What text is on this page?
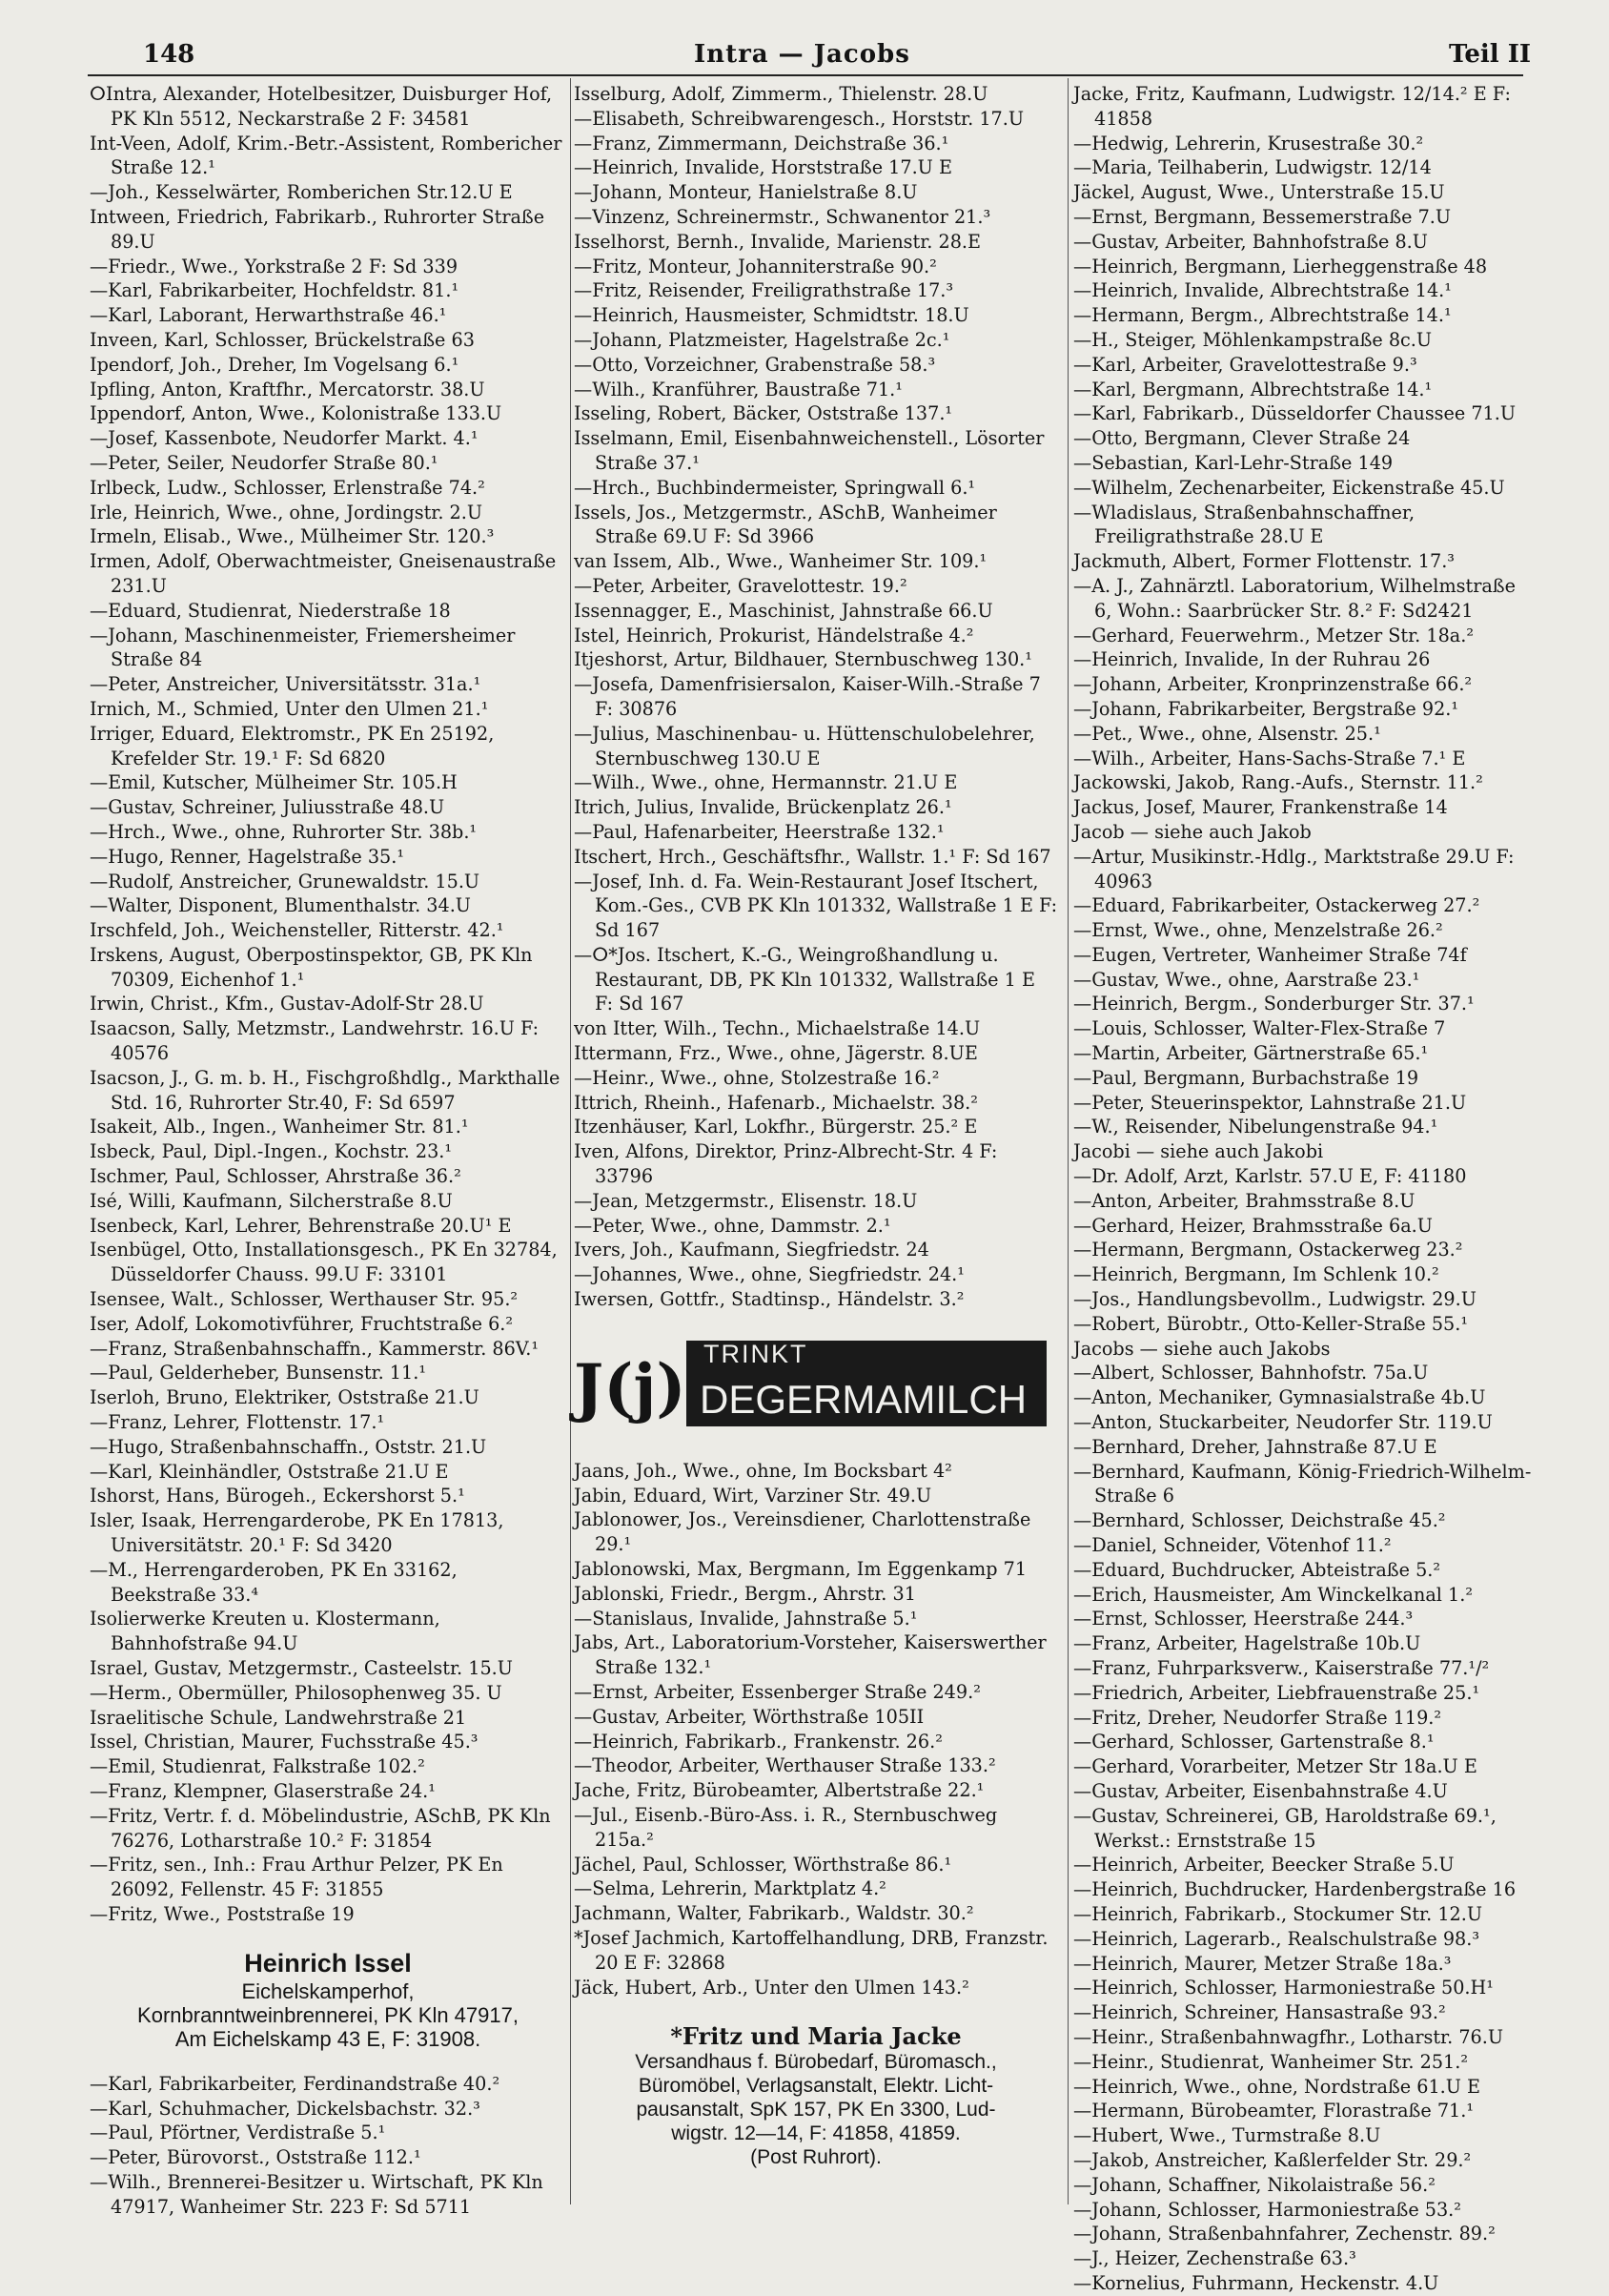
148	Intra — Jacobs	Teil II
ⵔIntra, Alexander, Hotelbesitzer, Duisburger Hof, PK Kln 5512, Neckarstraße 2 F: 34581
Int-Veen, Adolf, Krim.-Betr.-Assistent, Rombericher Straße 12.¹
—Joh., Kesselwärter, Romberichen Str.12.U E
Intween, Friedrich, Fabrikarb., Ruhrorter Straße 89.U
—Friedr., Wwe., Yorkstraße 2 F: Sd 339
—Karl, Fabrikarbeiter, Hochfeldstr. 81.¹
—Karl, Laborant, Herwarthstraße 46.¹
Inveen, Karl, Schlosser, Brückelstraße 63
Ipendorf, Joh., Dreher, Im Vogelsang 6.¹
Ipfling, Anton, Kraftfhr., Mercatorstr. 38.U
Ippendorf, Anton, Wwe., Kolonistraße 133.U
—Josef, Kassenbote, Neudorfer Markt. 4.¹
—Peter, Seiler, Neudorfer Straße 80.¹
Irlbeck, Ludw., Schlosser, Erlenstraße 74.²
Irle, Heinrich, Wwe., ohne, Jordingstr. 2.U
Irmeln, Elisab., Wwe., Mülheimer Str. 120.³
Irmen, Adolf, Oberwachtmeister, Gneisenaustraße 231.U
—Eduard, Studienrat, Niederstraße 18
—Johann, Maschinenmeister, Friemersheimer Straße 84
—Peter, Anstreicher, Universitätsstr. 31a.¹
Irnich, M., Schmied, Unter den Ulmen 21.¹
Irriger, Eduard, Elektromstr., PK En 25192, Krefelder Str. 19.¹ F: Sd 6820
—Emil, Kutscher, Mülheimer Str. 105.H
—Gustav, Schreiner, Juliusstraße 48.U
—Hrch., Wwe., ohne, Ruhrorter Str. 38b.¹
—Hugo, Renner, Hagelstraße 35.¹
—Rudolf, Anstreicher, Grunewaldstr. 15.U
—Walter, Disponent, Blumenthalstr. 34.U
Irschfeld, Joh., Weichensteller, Ritterstr. 42.¹
Irskens, August, Oberpostinspektor, GB, PK Kln 70309, Eichenhof 1.¹
Irwin, Christ., Kfm., Gustav-Adolf-Str 28.U
Isaacson, Sally, Metzmstr., Landwehrstr. 16.U F: 40576
Isacson, J., G. m. b. H., Fischgroßhdlg., Markthalle Std. 16, Ruhrorter Str.40, F: Sd 6597
Isakeit, Alb., Ingen., Wanheimer Str. 81.¹
Isbeck, Paul, Dipl.-Ingen., Kochstr. 23.¹
Ischmer, Paul, Schlosser, Ahrstraße 36.²
Isé, Willi, Kaufmann, Silcherstraße 8.U
Isenbeck, Karl, Lehrer, Behrenstraße 20.U¹ E
Isenbügel, Otto, Installationsgesch., PK En 32784, Düsseldorfer Chauss. 99.U F: 33101
Isensee, Walt., Schlosser, Werthauser Str. 95.²
Iser, Adolf, Lokomotivführer, Fruchtstraße 6.²
—Franz, Straßenbahnschaffn., Kammerstr. 86V.¹
—Paul, Gelderheber, Bunsenstr. 11.¹
Iserloh, Bruno, Elektriker, Oststraße 21.U
—Franz, Lehrer, Flottenstr. 17.¹
—Hugo, Straßenbahnschaffn., Oststr. 21.U
—Karl, Kleinhändler, Oststraße 21.U E
Ishorst, Hans, Bürogeh., Eckershorst 5.¹
Isler, Isaak, Herrengarderobe, PK En 17813, Universitätstr. 20.¹ F: Sd 3420
—M., Herrengarderoben, PK En 33162, Beekstraße 33.⁴
Isolierwerke Kreuten u. Klostermann, Bahnhofstraße 94.U
Israel, Gustav, Metzgermstr., Casteelstr. 15.U
—Herm., Obermüller, Philosophenweg 35. U
Israelitische Schule, Landwehrstraße 21
Issel, Christian, Maurer, Fuchsstraße 45.³
—Emil, Studienrat, Falkstraße 102.²
—Franz, Klempner, Glaserstraße 24.¹
—Fritz, Vertr. f. d. Möbelindustrie, ASchB, PK Kln 76276, Lotharstraße 10.² F: 31854
—Fritz, sen., Inh.: Frau Arthur Pelzer, PK En 26092, Fellenstr. 45 F: 31855
—Fritz, Wwe., Poststraße 19
Heinrich Issel
Eichelskamperhof,
Kornbranntweinbrennerei, PK Kln 47917,
Am Eichelskamp 43 E, F: 31908.
—Karl, Fabrikarbeiter, Ferdinandstraße 40.²
—Karl, Schuhmacher, Dickelsbachstr. 32.³
—Paul, Pförtner, Verdistraße 5.¹
—Peter, Bürovorst., Oststraße 112.¹
—Wilh., Brennerei-Besitzer u. Wirtschaft, PK Kln 47917, Wanheimer Str. 223 F: Sd 5711
Isselburg, Adolf, Zimmerm., Thielenstr. 28.U
—Elisabeth, Schreibwarengesch., Horststr. 17.U
—Franz, Zimmermann, Deichstraße 36.¹
—Heinrich, Invalide, Horststraße 17.U E
—Johann, Monteur, Hanielstraße 8.U
—Vinzenz, Schreinermstr., Schwanentor 21.³
Isselhorst, Bernh., Invalide, Marienstr. 28.E
—Fritz, Monteur, Johanniterstraße 90.²
—Fritz, Reisender, Freiligrathstraße 17.³
—Heinrich, Hausmeister, Schmidtstr. 18.U
—Johann, Platzmeister, Hagelstraße 2c.¹
—Otto, Vorzeichner, Grabenstraße 58.³
—Wilh., Kranführer, Baustraße 71.¹
Isseling, Robert, Bäcker, Oststraße 137.¹
Isselmann, Emil, Eisenbahnweichenstell., Lösorter Straße 37.¹
—Hrch., Buchbindermeister, Springwall 6.¹
Issels, Jos., Metzgermstr., ASchB, Wanheimer Straße 69.U F: Sd 3966
van Issem, Alb., Wwe., Wanheimer Str. 109.¹
—Peter, Arbeiter, Gravelottestr. 19.²
Issennagger, E., Maschinist, Jahnstraße 66.U
Istel, Heinrich, Prokurist, Händelstraße 4.²
Itjeshorst, Artur, Bildhauer, Sternbuschweg 130.¹
—Josefa, Damenfrisiersalon, Kaiser-Wilh.-Straße 7 F: 30876
—Julius, Maschinenbau- u. Hüttenschulobelehrer, Sternbuschweg 130.U E
—Wilh., Wwe., ohne, Hermannstr. 21.U E
Itrich, Julius, Invalide, Brückenplatz 26.¹
—Paul, Hafenarbeiter, Heerstraße 132.¹
Itschert, Hrch., Geschäftsfhr., Wallstr. 1.¹ F: Sd 167
—Josef, Inh. d. Fa. Wein-Restaurant Josef Itschert, Kom.-Ges., CVB PK Kln 101332, Wallstraße 1 E F: Sd 167
—ⵔ*Jos. Itschert, K.-G., Weingroßhandlung u. Restaurant, DB, PK Kln 101332, Wallstraße 1 E F: Sd 167
von Itter, Wilh., Techn., Michaelstraße 14.U
Ittermann, Frz., Wwe., ohne, Jägerstr. 8.UE
—Heinr., Wwe., ohne, Stolzestraße 16.²
Ittrich, Rheinh., Hafenarb., Michaelstr. 38.²
Itzenhäuser, Karl, Lokfhr., Bürgerstr. 25.² E
Iven, Alfons, Direktor, Prinz-Albrecht-Str. 4 F: 33796
—Jean, Metzgermstr., Elisenstr. 18.U
—Peter, Wwe., ohne, Dammstr. 2.¹
Ivers, Joh., Kaufmann, Siegfriedstr. 24
—Johannes, Wwe., ohne, Siegfriedstr. 24.¹
Iwersen, Gottfr., Stadtinsp., Händelstr. 3.²
J(j) TRINKT
DEGERMAMILCH
Jaans, Joh., Wwe., ohne, Im Bocksbart 4²
Jabin, Eduard, Wirt, Varziner Str. 49.U
Jablonower, Jos., Vereinsdiener, Charlottenstraße 29.¹
Jablonowski, Max, Bergmann, Im Eggenkamp 71
Jablonski, Friedr., Bergm., Ahrstr. 31
—Stanislaus, Invalide, Jahnstraße 5.¹
Jabs, Art., Laboratorium-Vorsteher, Kaiserswerther Straße 132.¹
—Ernst, Arbeiter, Essenberger Straße 249.²
—Gustav, Arbeiter, Wörthstraße 105II
—Heinrich, Fabrikarb., Frankenstr. 26.²
—Theodor, Arbeiter, Werthauser Straße 133.²
Jache, Fritz, Bürobeamter, Albertstraße 22.¹
—Jul., Eisenb.-Büro-Ass. i. R., Sternbuschweg 215a.²
Jächel, Paul, Schlosser, Wörthstraße 86.¹
—Selma, Lehrerin, Marktplatz 4.²
Jachmann, Walter, Fabrikarb., Waldstr. 30.²
*Josef Jachmich, Kartoffelhandlung, DRB, Franzstr. 20 E F: 32868
Jäck, Hubert, Arb., Unter den Ulmen 143.²
*Fritz und Maria Jacke
Versandhaus f. Bürobedarf, Büromasch.,
Büromöbel, Verlagsanstalt, Elektr. Licht-
pausanstalt, SpK 157, PK En 3300, Lud-
wigstr. 12—14, F: 41858, 41859.
(Post Ruhrort).
Jacke, Fritz, Kaufmann, Ludwigstr. 12/14.² E F: 41858
—Hedwig, Lehrerin, Krusestraße 30.²
—Maria, Teilhaberin, Ludwigstr. 12/14
Jäckel, August, Wwe., Unterstraße 15.U
—Ernst, Bergmann, Bessemerstraße 7.U
—Gustav, Arbeiter, Bahnhofstraße 8.U
—Heinrich, Bergmann, Lierheggenstraße 48
—Heinrich, Invalide, Albrechtstraße 14.¹
—Hermann, Bergm., Albrechtstraße 14.¹
—H., Steiger, Möhlenkampstraße 8c.U
—Karl, Arbeiter, Gravelottestraße 9.³
—Karl, Bergmann, Albrechtstraße 14.¹
—Karl, Fabrikarb., Düsseldorfer Chaussee 71.U
—Otto, Bergmann, Clever Straße 24
—Sebastian, Karl-Lehr-Straße 149
—Wilhelm, Zechenarbeiter, Eickenstraße 45.U
—Wladislaus, Straßenbahnschaffner, Freiligrathstraße 28.U E
Jackmuth, Albert, Former Flottenstr. 17.³
—A. J., Zahnärztl. Laboratorium, Wilhelmstraße 6, Wohn.: Saarbrücker Str. 8.² F: Sd2421
—Gerhard, Feuerwehrm., Metzer Str. 18a.²
—Heinrich, Invalide, In der Ruhrau 26
—Johann, Arbeiter, Kronprinzenstraße 66.²
—Johann, Fabrikarbeiter, Bergstraße 92.¹
—Pet., Wwe., ohne, Alsenstr. 25.¹
—Wilh., Arbeiter, Hans-Sachs-Straße 7.¹ E
Jackowski, Jakob, Rang.-Aufs., Sternstr. 11.²
Jackus, Josef, Maurer, Frankenstraße 14
Jacob — siehe auch Jakob
—Artur, Musikinstr.-Hdlg., Marktstraße 29.U F: 40963
—Eduard, Fabrikarbeiter, Ostackerweg 27.²
—Ernst, Wwe., ohne, Menzelstraße 26.²
—Eugen, Vertreter, Wanheimer Straße 74f
—Gustav, Wwe., ohne, Aarstraße 23.¹
—Heinrich, Bergm., Sonderburger Str. 37.¹
—Louis, Schlosser, Walter-Flex-Straße 7
—Martin, Arbeiter, Gärtnerstraße 65.¹
—Paul, Bergmann, Burbachstraße 19
—Peter, Steuerinspektor, Lahnstraße 21.U
—W., Reisender, Nibelungenstraße 94.¹
Jacobi — siehe auch Jakobi
—Dr. Adolf, Arzt, Karlstr. 57.U E, F: 41180
—Anton, Arbeiter, Brahmsstraße 8.U
—Gerhard, Heizer, Brahmsstraße 6a.U
—Hermann, Bergmann, Ostackerweg 23.²
—Heinrich, Bergmann, Im Schlenk 10.²
—Jos., Handlungsbevollm., Ludwigstr. 29.U
—Robert, Bürobtr., Otto-Keller-Straße 55.¹
Jacobs — siehe auch Jakobs
—Albert, Schlosser, Bahnhofstr. 75a.U
—Anton, Mechaniker, Gymnasialstraße 4b.U
—Anton, Stuckarbeiter, Neudorfer Str. 119.U
—Bernhard, Dreher, Jahnstraße 87.U E
—Bernhard, Kaufmann, König-Friedrich-Wilhelm-Straße 6
—Bernhard, Schlosser, Deichstraße 45.²
—Daniel, Schneider, Vötenhof 11.²
—Eduard, Buchdrucker, Abteistraße 5.²
—Erich, Hausmeister, Am Winckelkanal 1.²
—Ernst, Schlosser, Heerstraße 244.³
—Franz, Arbeiter, Hagelstraße 10b.U
—Franz, Fuhrparksverw., Kaiserstraße 77.¹/²
—Friedrich, Arbeiter, Liebfrauenstraße 25.¹
—Fritz, Dreher, Neudorfer Straße 119.²
—Gerhard, Schlosser, Gartenstraße 8.¹
—Gerhard, Vorarbeiter, Metzer Str 18a.U E
—Gustav, Arbeiter, Eisenbahnstraße 4.U
—Gustav, Schreinerei, GB, Haroldstraße 69.¹, Werkst.: Ernststraße 15
—Heinrich, Arbeiter, Beecker Straße 5.U
—Heinrich, Buchdrucker, Hardenbergstraße 16
—Heinrich, Fabrikarb., Stockumer Str. 12.U
—Heinrich, Lagerarb., Realschulstraße 98.³
—Heinrich, Maurer, Metzer Straße 18a.³
—Heinrich, Schlosser, Harmoniestraße 50.H¹
—Heinrich, Schreiner, Hansastraße 93.²
—Heinr., Straßenbahnwagfhr., Lotharstr. 76.U
—Heinr., Studienrat, Wanheimer Str. 251.²
—Heinrich, Wwe., ohne, Nordstraße 61.U E
—Hermann, Bürobeamter, Florastraße 71.¹
—Hubert, Wwe., Turmstraße 8.U
—Jakob, Anstreicher, Kaßlerfelder Str. 29.²
—Johann, Schaffner, Nikolaistraße 56.²
—Johann, Schlosser, Harmoniestraße 53.²
—Johann, Straßenbahnfahrer, Zechenstr. 89.²
—J., Heizer, Zechenstraße 63.³
—Kornelius, Fuhrmann, Heckenstr. 4.U
